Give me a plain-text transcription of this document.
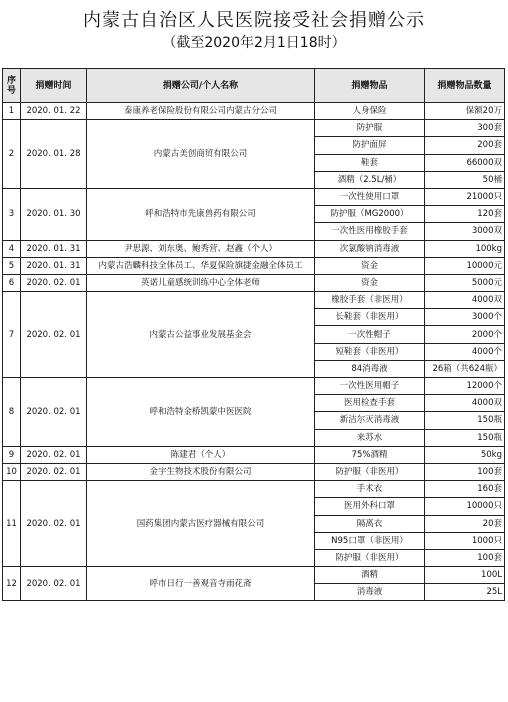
内蒙古自治区人民医院接受社会捐赠公示
（截至2020年2月1日18时）
序号	捐赠时间	捐赠公司/个人名称	捐赠物品	捐赠物品数量
1	2020. 01. 22	泰康养老保险股份有限公司内蒙古分公司	人身保险	保额20万
2	2020. 01. 28	内蒙古美创商贸有限公司	防护服	300套
			防护面屏	200套
			鞋套	66000双
			酒精（2.5L/桶）	50桶
3	2020. 01. 30	呼和浩特市先康兽药有限公司	一次性使用口罩	21000只
			防护服（MG2000）	120套
			一次性医用橡胶手套	3000双
4	2020. 01. 31	尹思源、刘东奥、鲍秀营、赵鑫（个人）	次氯酸钠消毒液	100kg
5	2020. 01. 31	内蒙古浩麟科技全体员工、华夏保险旗捷金融全体员工	资金	10000元
6	2020. 02. 01	英诺儿童感统训练中心全体老师	资金	5000元
7	2020. 02. 01	内蒙古公益事业发展基金会	橡胶手套（非医用）	4000双
			长鞋套（非医用）	3000个
			一次性帽子	2000个
			短鞋套（非医用）	4000个
			84消毒液	26箱（共624瓶）
8	2020. 02. 01	呼和浩特金桥凯蒙中医医院	一次性医用帽子	12000个
			医用检查手套	4000双
			新洁尔灭消毒液	150瓶
			来苏水	150瓶
9	2020. 02. 01	陈建君（个人）	75%酒精	50kg
10	2020. 02. 01	金宇生物技术股份有限公司	防护服（非医用）	100套
11	2020. 02. 01	国药集团内蒙古医疗器械有限公司	手术衣	160套
			医用外科口罩	10000只
			隔离衣	20套
			N95口罩（非医用）	1000只
			防护服（非医用）	100套
12	2020. 02. 01	呼市日行一善观音寺雨花斋	酒精	100L
			消毒液	25L
